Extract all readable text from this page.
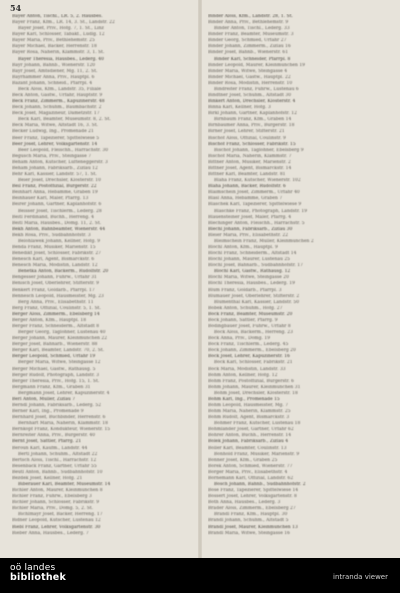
54
Bayer Anton, Tischl., LR. 5, 2. Hausbes.
Bayer Franz, Kfm., LR. 14, 3. St., Landstr. 22
Bayer Josef, Priv., Hofg. 7, 1. St., Linz
Bayer Karl, Schlosser, Tabakf., Ludlg. 12
Bayer Maria, Priv., Bethlehemstr. 25
Bayer Michael, Bäcker, Herrenstr. 18
Bayer Rosa, Näherin, Klammstr. 3, 1. St.
Bayer Theresia, Hausbes., Lederg. 40
Bayr Johann, Bahnb., Wienerstr. 120
Bayr Josef, Amtsdiener, Mg. 11, 2. St.
Bayrhammer Anna, Priv., Hauptpl. 6
Bazant Johann, Schneid., Pfarrpl. 4
Beck Alois, Kfm., Landstr. 35, Filiale
Beck Anton, Gastw., Urfahr, Hauptstr. 9
Beck Franz, Zimmerm., Kapuzinerstr. 48
Beck Johann, Schuhm., Baumbachstr. 2
Beck Josef, Magazineur, Dametzstr. 17
Beck Karl, Beamter, Museumstr. 8, 2. St.
Beck Maria, Witwe, Altstadt 16, 3. St.
Becker Ludwig, Ing., Promenade 21
Beer Franz, Tapezierer, Spittelwiese 5
Beer Josef, Lehrer, Volksgartenstr. 14
Beer Leopold, Fleischh., Harrachstr. 30
Begusch Maria, Priv., Steingasse 7
Beham Anton, Kutscher, Lüfteneggerstr. 3
Beham Johann, Fabriksarb., Zizlau 12
Behr Karl, Kassier, Landstr. 57, 1. St.
Beier Josef, Drechsler, Klosterstr. 10
Beil Franz, Postoffizial, Bürgerstr. 22
Beinhart Anna, Hebamme, Graben 19
Beinhauer Karl, Maler, Pfarrg. 13
Beirer Johann, Gärtner, Kaplanhofstr. 6
Beisser Josef, Tischlerm., Lederg. 28
Beitl Ferdinand, Buchh., Herreng. 4
Beitl Maria, Hausbes., Domg. 11, 2. St.
Bekh Anton, Bahnbeamter, Wienerstr. 44
Bekh Rosa, Priv., Südbahnhofstr. 3
Belohlawek Johann, Kellner, Hofg. 9
Benda Franz, Musiker, Marienstr. 15
Benedikt Josef, Schlosser, Fabrikstr. 27
Benesch Karl, Agent, Bismarckstr. 6
Benesch Maria, Modistin, Landstr. 12
Benetka Anton, Bäckerm., Rudolfstr. 20
Bengesser Johann, Fuhrw., Urfahr 31
Benisch Josef, Oberlehrer, Stifterstr. 9
Benkert Franz, Goldarb., Pfarrpl. 17
Bennesch Leopold, Hausmeister, Mg. 23
Berg Anna, Priv., Elisabethstr. 11
Berg Franz, Offizial, Coulinstr. 5, 1. St.
Berger Alois, Zimmerm., Ebelsberg 14
Berger Anton, Kfm., Hauptpl. 18
Berger Franz, Schneiderm., Altstadt 8
Berger Georg, Taglöhner, Lustenau 40
Berger Johann, Maurer, Kleinmünchen 22
Berger Josef, Bahnarb., Wienerstr. 88
Berger Karl, Beamter, Landstr. 70, 2. St.
Berger Leopold, Schmied, Urfahr 19
Berger Maria, Witwe, Steingasse 12
Berger Michael, Gastw., Rathausg. 5
Berger Rudolf, Photograph, Landstr. 3
Berger Theresia, Priv., Hofg. 15, 1. St.
Bergmann Franz, Kfm., Graben 31
Bergmann Josef, Lehrer, Kapuzinerstr. 4
Berl Anton, Müller, Zizlau 7
Berndl Johann, Fabriksarb., Lederg. 52
Berner Karl, Ing., Promenade 9
Bernhard Josef, Buchbinder, Herrenstr. 6
Bernhart Maria, Näherin, Klammstr. 18
Bernkopf Franz, Kondukteur, Wienerstr. 15
Bernreiter Anna, Priv., Bürgerstr. 40
Bernt Josef, Sattler, Pfarrg. 21
Beroun Karl, Kaufm., Landstr. 44
Bertl Johann, Schuhm., Altstadt 22
Bertsch Alois, Tischl., Harrachstr. 12
Besenbäck Franz, Gärtner, Urfahr 55
Beutl Anton, Bahnb., Südbahnhofstr. 10
Bezdek Josef, Kellner, Hofg. 21
Biberauer Karl, Beamter, Museumstr. 14
Bichler Anton, Maurer, Kleinmünchen 8
Bichler Franz, Fuhrw., Ebelsberg 3
Bichler Johann, Schlosser, Fabrikstr. 9
Bichler Maria, Priv., Domg. 5, 2. St.
Bichlmayr Josef, Bäcker, Herreng. 17
Bidner Leopold, Kutscher, Lustenau 12
Biebl Franz, Lehrer, Volksgartenstr. 30
Bieber Anna, Hausbes., Lederg. 7
Binder Alois, Kfm., Landstr. 28, 1. St.
Binder Anna, Priv., Bethlehemstr. 9
Binder Anton, Tischl., Lederg. 33
Binder Franz, Beamter, Museumstr. 3
Binder Georg, Schmied, Urfahr 27
Binder Johann, Zimmerm., Zizlau 16
Binder Josef, Bahnb., Wienerstr. 61
Binder Karl, Schneider, Pfarrpl. 8
Binder Leopold, Maurer, Kleinmünchen 19
Binder Maria, Witwe, Steingasse 4
Binder Michael, Gastw., Hauptpl. 22
Binder Rosa, Modistin, Herrenstr. 10
Bindreiter Franz, Fuhrw., Lustenau 6
Bindtner Josef, Schuhm., Altstadt 30
Binkert Anton, Drechsler, Klosterstr. 4
Binna Karl, Kellner, Hofg. 3
Birkl Johann, Gärtner, Kaplanhofstr. 12
Birnbaum Franz, Kfm., Graben 14
Birnbaumer Anna, Priv., Bürgerstr. 18
Birner Josef, Lehrer, Stifterstr. 21
Bischof Alois, Offizial, Coulinstr. 9
Bischof Franz, Schlosser, Fabrikstr. 15
Bischof Johann, Taglöhner, Ebelsberg 9
Bischof Maria, Näherin, Klammstr. 7
Bittner Anton, Musiker, Marienstr. 2
Bittner Josef, Agent, Bismarckstr. 14
Bittner Karl, Beamter, Landstr. 81
Blaha Franz, Kutscher, Wienerstr. 102
Blaha Johann, Bäcker, Rudolfstr. 6
Blaimschein Josef, Zimmerm., Urfahr 40
Blasl Anna, Hebamme, Graben 7
Blaschek Karl, Tapezierer, Spittelwiese 9
Blaschke Franz, Photograph, Landstr. 19
Blauensteiner Josef, Maler, Pfarrg. 4
Blechinger Anton, Fleischh., Harrachstr. 5
Blechl Johann, Fabriksarb., Zizlau 30
Bleier Maria, Priv., Elisabethstr. 22
Bleimschein Franz, Müller, Kleinmünchen 2
Blöchl Anton, Kfm., Hauptpl. 9
Blöchl Franz, Schneiderm., Altstadt 14
Blöchl Johann, Maurer, Lustenau 25
Blöchl Josef, Bahnarb., Südbahnhofstr. 17
Blöchl Karl, Gastw., Rathausg. 12
Blöchl Maria, Witwe, Steingasse 20
Blöchl Theresia, Hausbes., Lederg. 19
Blum Franz, Goldarb., Pfarrpl. 3
Blumauer Josef, Oberlehrer, Stifterstr. 2
Blumenthal Karl, Kassier, Landstr. 50
Bobek Anton, Schuhm., Hofg. 27
Bock Franz, Beamter, Museumstr. 20
Bock Johann, Sattler, Pfarrg. 9
Bodingbauer Josef, Fuhrw., Urfahr 8
Böck Alois, Bäckerm., Herreng. 23
Böck Anna, Priv., Domg. 19
Böck Franz, Tischlerm., Lederg. 45
Böck Johann, Zimmerm., Ebelsberg 20
Böck Josef, Lehrer, Kapuzinerstr. 16
Böck Karl, Schlosser, Fabrikstr. 21
Böck Maria, Modistin, Landstr. 33
Böhm Anton, Kellner, Hofg. 12
Böhm Franz, Postoffizial, Bürgerstr. 6
Böhm Johann, Maurer, Kleinmünchen 31
Böhm Josef, Drechsler, Klosterstr. 18
Böhm Karl, Ing., Promenade 15
Böhm Leopold, Hausmeister, Mg. 7
Böhm Maria, Näherin, Klammstr. 25
Böhm Rudolf, Agent, Bismarckstr. 3
Böhmer Franz, Kutscher, Lustenau 18
Böhmländer Josef, Gärtner, Urfahr 62
Bohrer Anton, Buchh., Herrenstr. 14
Bolek Johann, Fabriksarb., Zizlau 4
Boller Karl, Beamter, Coulinstr. 13
Bonhold Franz, Musiker, Marienstr. 9
Bonner Josef, Kfm., Graben 25
Borek Anton, Schmied, Wienerstr. 77
Borger Maria, Priv., Elisabethstr. 4
Bornemann Karl, Offizial, Landstr. 62
Bosch Johann, Bahnb., Südbahnhofstr. 2
Böse Franz, Tapezierer, Spittelwiese 14
Bossert Josef, Lehrer, Volksgartenstr. 8
Both Anna, Hausbes., Lederg. 3
Brader Alois, Zimmerm., Ebelsberg 27
Brandl Franz, Kfm., Hauptpl. 30
Brandl Johann, Schuhm., Altstadt 5
Brandl Josef, Maurer, Kleinmünchen 13
Brandl Maria, Witwe, Steingasse 16
oö landes
bibliothek	intranda viewer
